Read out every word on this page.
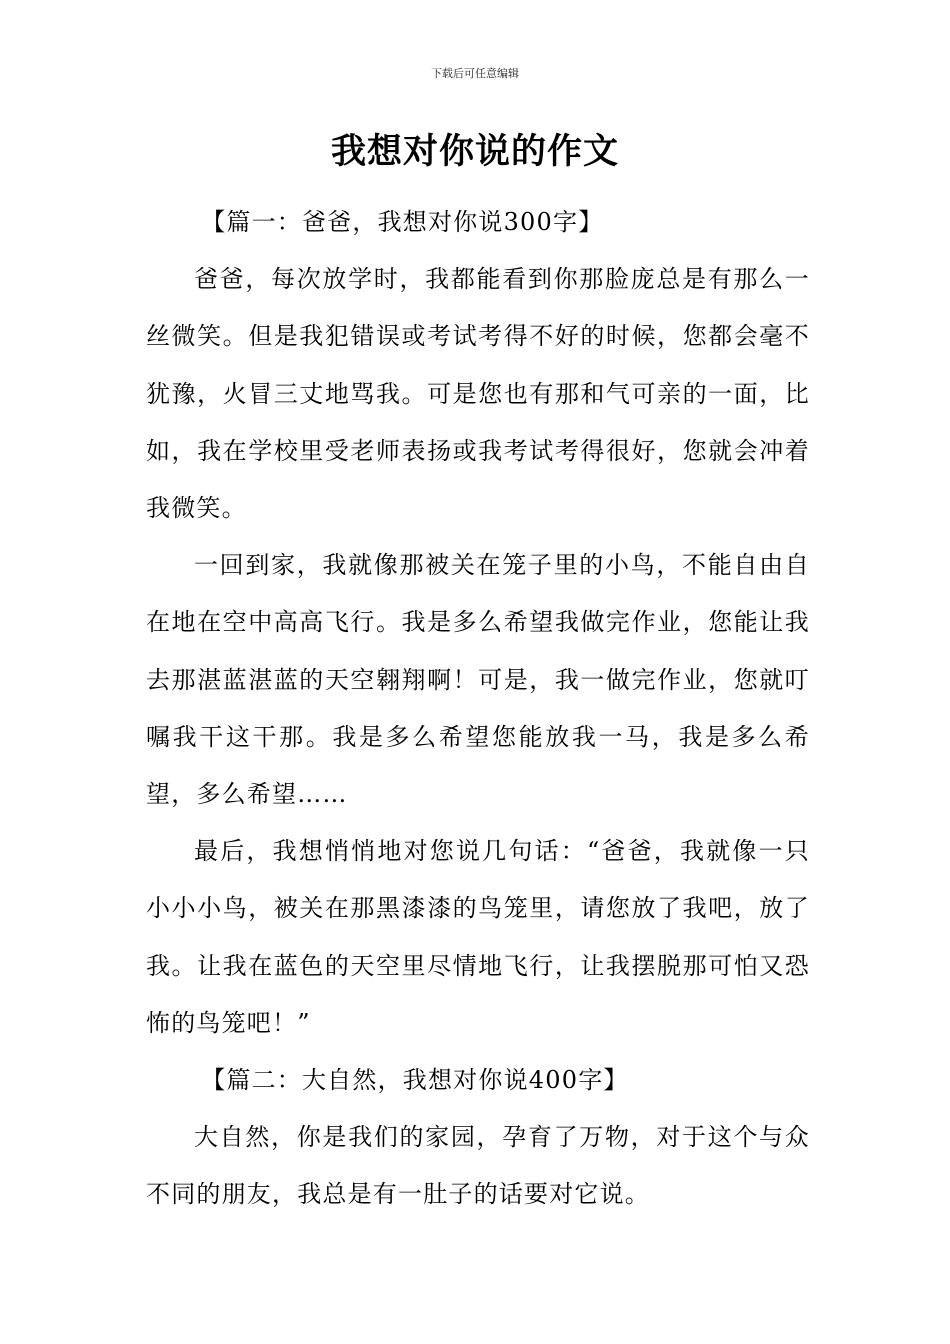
下载后可任意编辑
我想对你说的作文

【篇一：爸爸，我想对你说300字】

爸爸，每次放学时，我都能看到你那脸庞总是有那么一丝微笑。但是我犯错误或考试考得不好的时候，您都会毫不犹豫，火冒三丈地骂我。可是您也有那和气可亲的一面，比如，我在学校里受老师表扬或我考试考得很好，您就会冲着我微笑。

一回到家，我就像那被关在笼子里的小鸟，不能自由自在地在空中高高飞行。我是多么希望我做完作业，您能让我去那湛蓝湛蓝的天空翱翔啊！可是，我一做完作业，您就叮嘱我干这干那。我是多么希望您能放我一马，我是多么希望，多么希望……

最后，我想悄悄地对您说几句话：“爸爸，我就像一只小小小鸟，被关在那黑漆漆的鸟笼里，请您放了我吧，放了我。让我在蓝色的天空里尽情地飞行，让我摆脱那可怕又恐怖的鸟笼吧！”

【篇二：大自然，我想对你说400字】

大自然，你是我们的家园，孕育了万物，对于这个与众不同的朋友，我总是有一肚子的话要对它说。
